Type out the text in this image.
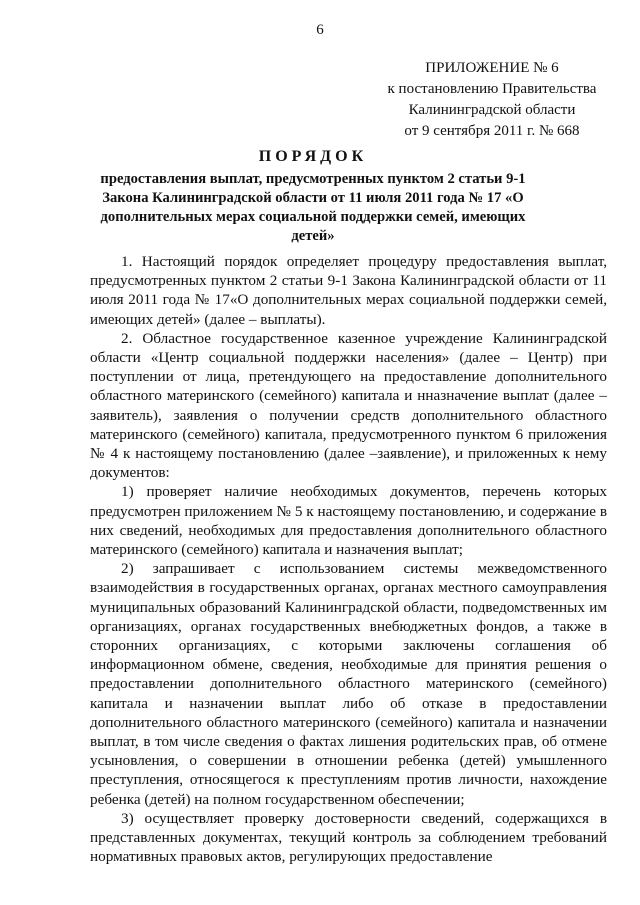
6
ПРИЛОЖЕНИЕ № 6
к постановлению Правительства
Калининградской области
от 9 сентября 2011 г. № 668
ПОРЯДОК
предоставления выплат, предусмотренных пунктом 2 статьи 9-1 Закона Калининградской области от 11 июля 2011 года № 17 «О дополнительных мерах социальной поддержки семей, имеющих детей»

1. Настоящий порядок определяет процедуру предоставления выплат, предусмотренных пунктом 2 статьи 9-1 Закона Калининградской области от 11 июля 2011 года № 17«О дополнительных мерах социальной поддержки семей, имеющих детей» (далее – выплаты).

2. Областное государственное казенное учреждение Калининградской области «Центр социальной поддержки населения» (далее – Центр) при поступлении от лица, претендующего на предоставление дополнительного областного материнского (семейного) капитала и нназначение выплат (далее – заявитель), заявления о получении средств дополнительного областного материнского (семейного) капитала, предусмотренного пунктом 6 приложения № 4 к настоящему постановлению (далее –заявление), и приложенных к нему документов:

1) проверяет наличие необходимых документов, перечень которых предусмотрен приложением № 5 к настоящему постановлению, и содержание в них сведений, необходимых для предоставления дополнительного областного материнского (семейного) капитала и назначения выплат;

2) запрашивает с использованием системы межведомственного взаимодействия в государственных органах, органах местного самоуправления муниципальных образований Калининградской области, подведомственных им организациях, органах государственных внебюджетных фондов, а также в сторонних организациях, с которыми заключены соглашения об информационном обмене, сведения, необходимые для принятия решения о предоставлении дополнительного областного материнского (семейного) капитала и назначении выплат либо об отказе в предоставлении дополнительного областного материнского (семейного) капитала и назначении выплат, в том числе сведения о фактах лишения родительских прав, об отмене усыновления, о совершении в отношении ребенка (детей) умышленного преступления, относящегося к преступлениям против личности, нахождение ребенка (детей) на полном государственном обеспечении;

3) осуществляет проверку достоверности сведений, содержащихся в представленных документах, текущий контроль за соблюдением требований нормативных правовых актов, регулирующих предоставление
